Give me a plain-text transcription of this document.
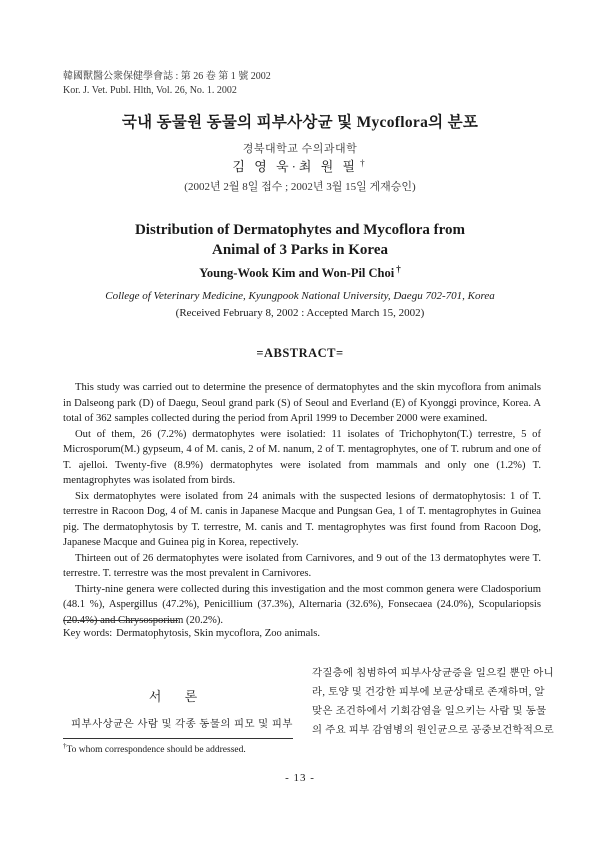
韓國獸醫公衆保健學會誌 : 第 26 卷 第 1 號 2002
Kor. J. Vet. Publ. Hlth, Vol. 26, No. 1. 2002
국내 동물원 동물의 피부사상균 및 Mycoflora의 분포
경북대학교 수의과대학
김 영 욱·최 원 필 †
(2002년 2월 8일 접수 ; 2002년 3월 15일 게재승인)
Distribution of Dermatophytes and Mycoflora from
Animal of 3 Parks in Korea
Young-Wook Kim and Won-Pil Choi †
College of Veterinary Medicine, Kyungpook National University, Daegu 702-701, Korea
(Received February 8, 2002 : Accepted March 15, 2002)
=ABSTRACT=

This study was carried out to determine the presence of dermatophytes and the skin mycoflora from animals in Dalseong park (D) of Daegu, Seoul grand park (S) of Seoul and Everland (E) of Kyonggi province, Korea. A total of 362 samples collected during the period from April 1999 to December 2000 were examined.

Out of them, 26 (7.2%) dermatophytes were isolatied: 11 isolates of Trichophyton(T.) terrestre, 5 of Microsporum(M.) gypseum, 4 of M. canis, 2 of M. nanum, 2 of T. mentagrophytes, one of T. rubrum and one of T. ajelloi. Twenty-five (8.9%) dermatophytes were isolated from mammals and only one (1.2%) T. mentagrophytes was isolated from birds.

Six dermatophytes were isolated from 24 animals with the suspected lesions of dermatophytosis: 1 of T. terrestre in Racoon Dog, 4 of M. canis in Japanese Macque and Pungsan Gea, 1 of T. mentagrophytes in Guinea pig. The dermatophytosis by T. terrestre, M. canis and T. mentagrophytes was first found from Racoon Dog, Japanese Macque and Guinea pig in Korea, repectively.

Thirteen out of 26 dermatophytes were isolated from Carnivores, and 9 out of the 13 dermatophytes were T. terrestre. T. terrestre was the most prevalent in Carnivores.

Thirty-nine genera were collected during this investigation and the most common genera were Cladosporium (48.1 %), Aspergillus (47.2%), Penicillium (37.3%), Alternaria (32.6%), Fonsecaea (24.0%), Scopulariopsis (20.4%) and Chrysosporium (20.2%).

Key words: Dermatophytosis, Skin mycoflora, Zoo animals.
서 론
피부사상균은 사람 및 각종 동물의 피모 및 피부
각질층에 침범하여 피부사상균증을 일으킬 뿐만 아니
라, 토양 및 건강한 피부에 보균상태로 존재하며, 알
맞은 조건하에서 기회감염을 일으키는 사람 및 동물
의 주요 피부 감염병의 원인균으로 공중보건학적으로
†To whom correspondence should be addressed.
- 13 -
